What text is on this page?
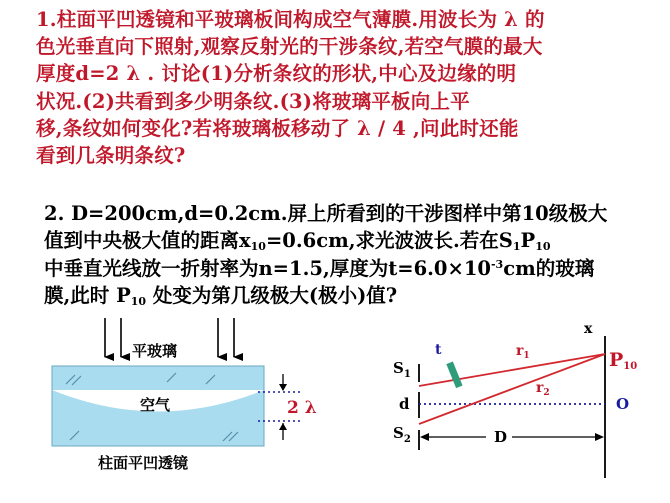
1.柱面平凹透镜和平玻璃板间构成空气薄膜.用波长为 λ 的
色光垂直向下照射,观察反射光的干涉条纹,若空气膜的最大
厚度d=2 λ . 讨论(1)分析条纹的形状,中心及边缘的明
状况.(2)共看到多少明条纹.(3)将玻璃平板向上平
移,条纹如何变化?若将玻璃板移动了 λ / 4 ,问此时还能
看到几条明条纹?
2. D=200cm,d=0.2cm.屏上所看到的干涉图样中第10级极大
值到中央极大值的距离$x_{10}=0.6cm$,求光波波长.若在$S_1P_{10}$
中垂直光线放一折射率为n=1.5,厚度为$t=6.0\times 10^{-3}cm$的玻璃
膜,此时 $P_{10}$ 处变为第几级极大(极小)值?
平玻璃
空气	2 λ
柱面平凹透镜
x
t	$r_1$
$r_2$
$S_1$
d
$S_2$	D
P10
O
